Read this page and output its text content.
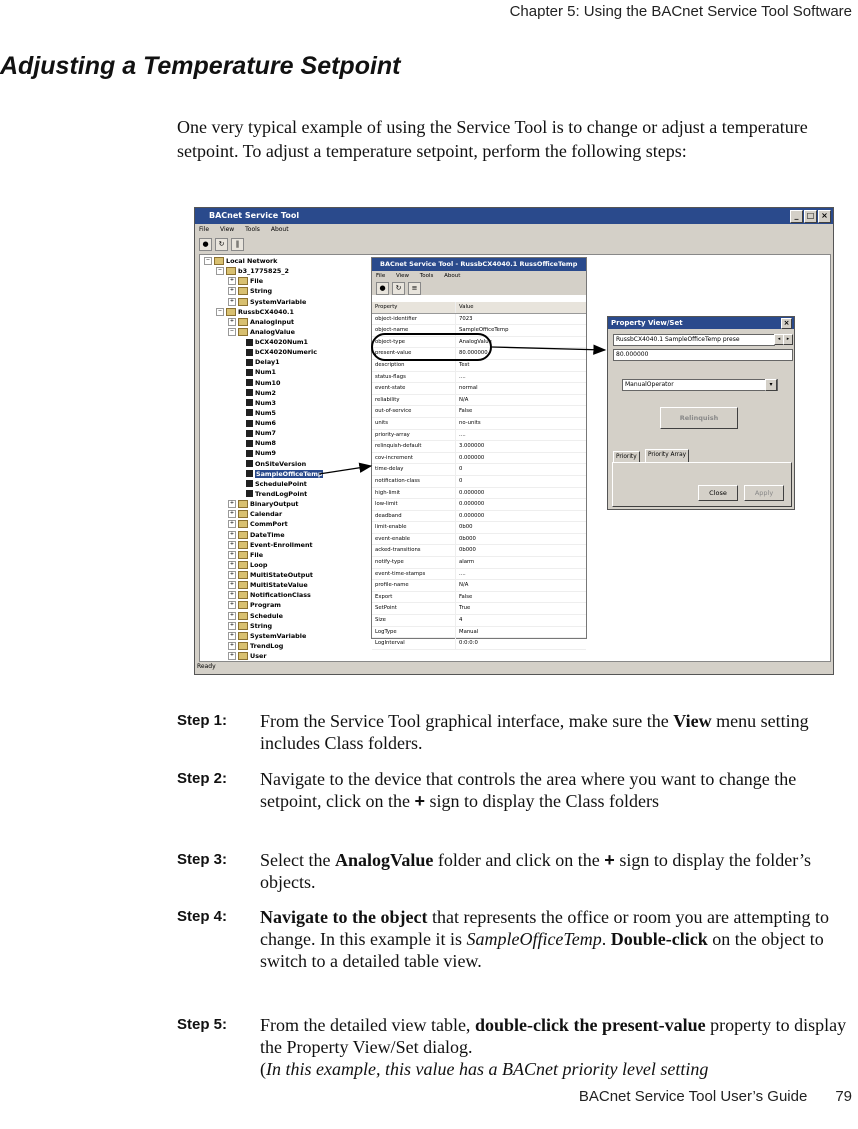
Chapter 5: Using the BACnet Service Tool Software
Adjusting a Temperature Setpoint

One very typical example of using the Service Tool is to change or adjust a temperature setpoint. To adjust a temperature setpoint, perform the following steps:

BACnet Service Tool	_	□ ×
File View Tools About
●	↻	‖
− Local Network
− b3_1775825_2
+ File
+ String
+ SystemVariable
− RussbCX4040.1
+ AnalogInput
− AnalogValue
bCX4020Num1
bCX4020Numeric
Delay1
Num1
Num10
Num2
Num3
Num5
Num6
Num7
Num8
Num9
OnSiteVersion
SampleOfficeTemp
SchedulePoint
TrendLogPoint
+ BinaryOutput
+ Calendar
+ CommPort
+ DateTime
+ Event-Enrollment
+ File
+ Loop
+ MultiStateOutput
+ MultiStateValue
+ NotificationClass
+ Program
+ Schedule
+ String
+ SystemVariable
+ TrendLog
+ User
Ready
BACnet Service Tool - RussbCX4040.1 RussOfficeTemp
File View Tools About
●	↻	≡
Property	Value
object-identifier	7023
object-name	SampleOfficeTemp
object-type	AnalogValue
present-value	80.000000
description	Test
status-flags	....
event-state	normal
reliability	N/A
out-of-service	False
units	no-units
priority-array	....
relinquish-default	3.000000
cov-increment	0.000000
time-delay	0
notification-class	0
high-limit	0.000000
low-limit	0.000000
deadband	0.000000
limit-enable	0b00
event-enable	0b000
acked-transitions	0b000
notify-type	alarm
event-time-stamps	....
profile-name	N/A
Export	False
SetPoint	True
Size	4
LogType	Manual
LogInterval	0:0:0:0
Property View/Set	×
RussbCX4040.1 SampleOfficeTemp prese	◂	▸
80.000000
ManualOperator	▾
Relinquish
Priority	Priority Array
Close	Apply
Step 1:	From the Service Tool graphical interface, make sure the View menu setting includes Class folders.
Step 2:	Navigate to the device that controls the area where you want to change the setpoint, click on the + sign to display the Class folders
Step 3:	Select the AnalogValue folder and click on the + sign to display the folder’s objects.
Step 4:	Navigate to the object that represents the office or room you are attempting to change. In this example it is SampleOfficeTemp. Double-click on the object to switch to a detailed table view.
Step 5:	From the detailed view table, double-click the present-value property to display the Property View/Set dialog.
(In this example, this value has a BACnet priority level setting
BACnet Service Tool User’s Guide 79
